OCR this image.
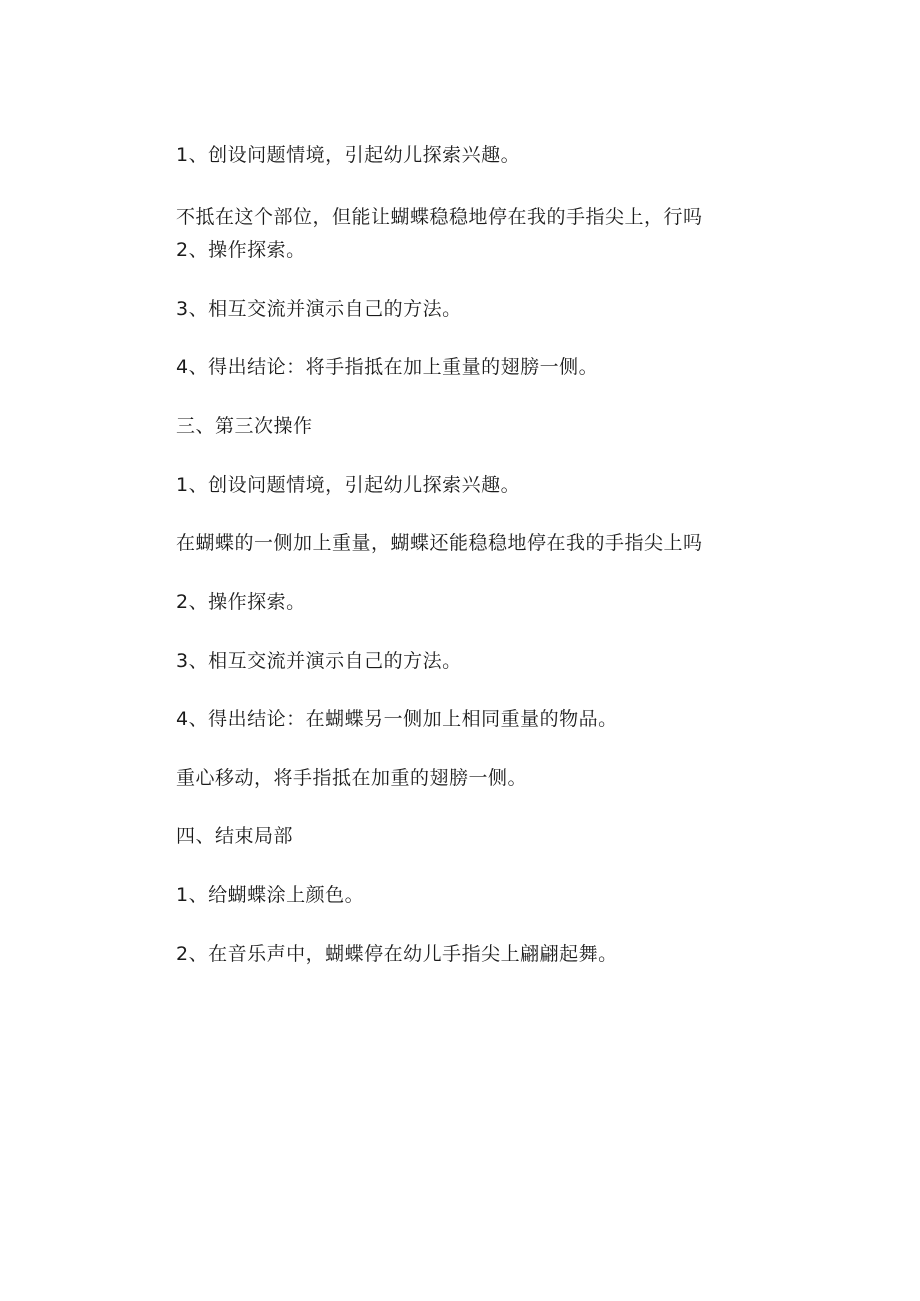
1、创设问题情境，引起幼儿探索兴趣。
不抵在这个部位，但能让蝴蝶稳稳地停在我的手指尖上，行吗
2、操作探索。
3、相互交流并演示自己的方法。
4、得出结论：将手指抵在加上重量的翅膀一侧。
三、第三次操作
1、创设问题情境，引起幼儿探索兴趣。
在蝴蝶的一侧加上重量，蝴蝶还能稳稳地停在我的手指尖上吗
2、操作探索。
3、相互交流并演示自己的方法。
4、得出结论：在蝴蝶另一侧加上相同重量的物品。
重心移动，将手指抵在加重的翅膀一侧。
四、结束局部
1、给蝴蝶涂上颜色。
2、在音乐声中，蝴蝶停在幼儿手指尖上翩翩起舞。
